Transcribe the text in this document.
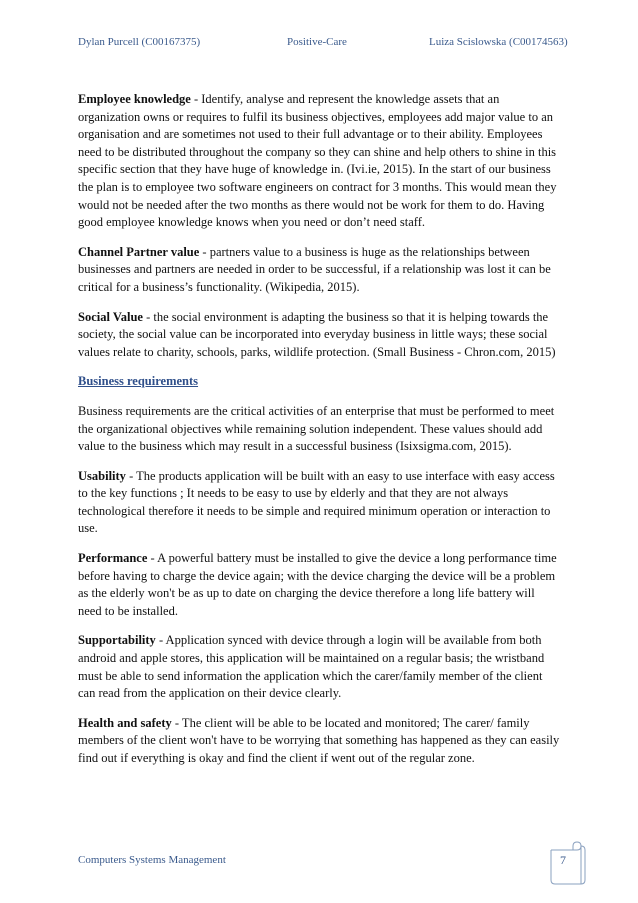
Dylan Purcell (C00167375)	Positive-Care	Luiza Scislowska (C00174563)

Employee knowledge - Identify, analyse and represent the knowledge assets that an organization owns or requires to fulfil its business objectives, employees add major value to an organisation and are sometimes not used to their full advantage or to their ability. Employees need to be distributed throughout the company so they can shine and help others to shine in this specific section that they have huge of knowledge in. (Ivi.ie, 2015). In the start of our business the plan is to employee two software engineers on contract for 3 months. This would mean they would not be needed after the two months as there would not be work for them to do. Having good employee knowledge knows when you need or don’t need staff.

Channel Partner value - partners value to a business is huge as the relationships between businesses and partners are needed in order to be successful, if a relationship was lost it can be critical for a business’s functionality. (Wikipedia, 2015).

Social Value - the social environment is adapting the business so that it is helping towards the society, the social value can be incorporated into everyday business in little ways; these social values relate to charity, schools, parks, wildlife protection. (Small Business - Chron.com, 2015)

Business requirements

Business requirements are the critical activities of an enterprise that must be performed to meet the organizational objectives while remaining solution independent. These values should add value to the business which may result in a successful business (Isixsigma.com, 2015).

Usability - The products application will be built with an easy to use interface with easy access to the key functions ; It needs to be easy to use by elderly and that they are not always technological therefore it needs to be simple and required minimum operation or interaction to use.

Performance - A powerful battery must be installed to give the device a long performance time before having to charge the device again; with the device charging the device will be a problem as the elderly won't be as up to date on charging the device therefore a long life battery will need to be installed.

Supportability - Application synced with device through a login will be available from both android and apple stores, this application will be maintained on a regular basis; the wristband must be able to send information the application which the carer/family member of the client can read from the application on their device clearly.

Health and safety - The client will be able to be located and monitored; The carer/ family members of the client won't have to be worrying that something has happened as they can easily find out if everything is okay and find the client if went out of the regular zone.

Computers Systems Management	7
